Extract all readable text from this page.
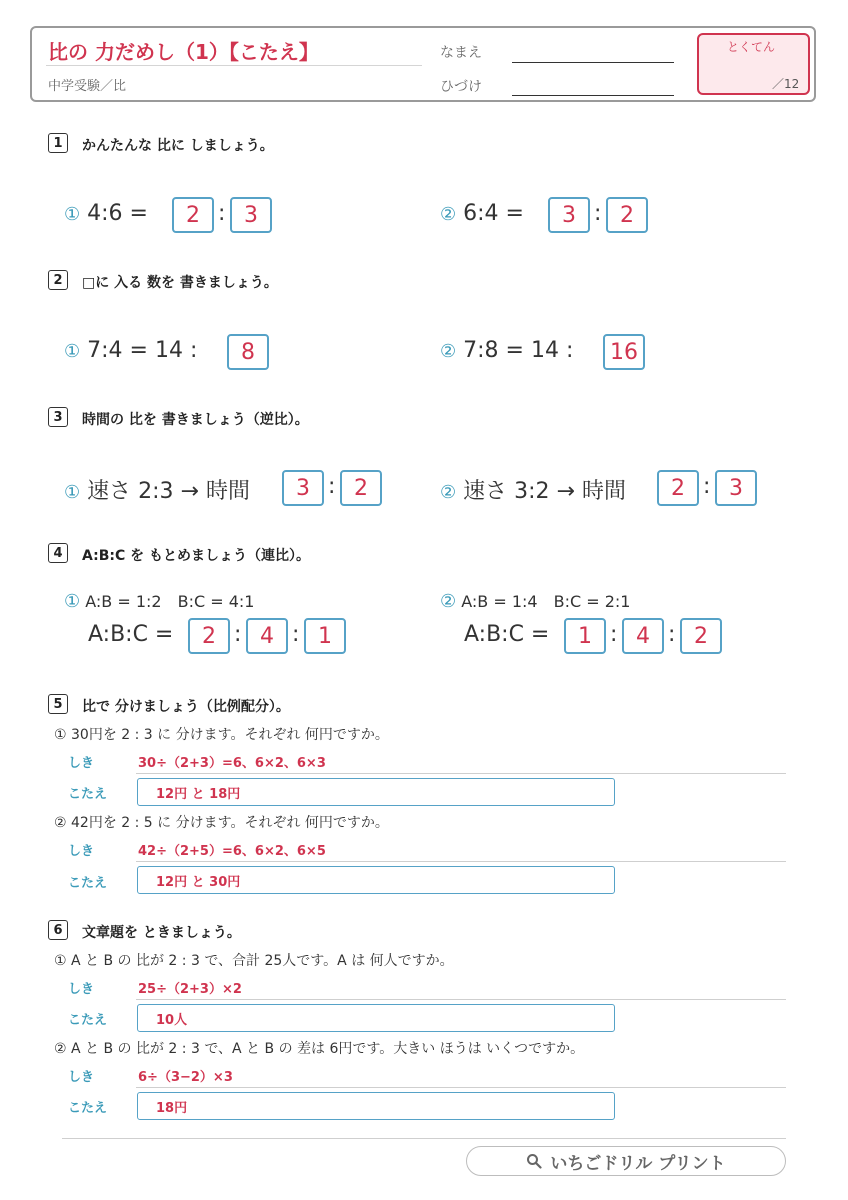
比の 力だめし（1）【こたえ】
中学受験／比
なまえ
ひづけ
とくてん
／12
1	かんたんな 比に しましょう。
① 4:6 =	2 : 3	② 6:4 =	3 : 2
2	□に 入る 数を 書きましょう。
① 7:4 = 14 :	8	② 7:8 = 14 :	16
3	時間の 比を 書きましょう（逆比）。
① 速さ 2:3 → 時間	3 : 2	② 速さ 3:2 → 時間	2 : 3
4	A:B:C を もとめましょう（連比）。
① A:B = 1:2　B:C = 4:1
A:B:C =	2 : 4 : 1
② A:B = 1:4　B:C = 2:1
A:B:C =	1 : 4 : 2
5	比で 分けましょう（比例配分）。
① 30円を 2 : 3 に 分けます。それぞれ 何円ですか。
しき	30÷（2+3）=6、6×2、6×3
こたえ	12円 と 18円
② 42円を 2 : 5 に 分けます。それぞれ 何円ですか。
しき	42÷（2+5）=6、6×2、6×5
こたえ	12円 と 30円
6	文章題を ときましょう。
① A と B の 比が 2 : 3 で、合計 25人です。A は 何人ですか。
しき	25÷（2+3）×2
こたえ	10人
② A と B の 比が 2 : 3 で、A と B の 差は 6円です。大きい ほうは いくつですか。
しき	6÷（3−2）×3
こたえ	18円
いちごドリル プリント
